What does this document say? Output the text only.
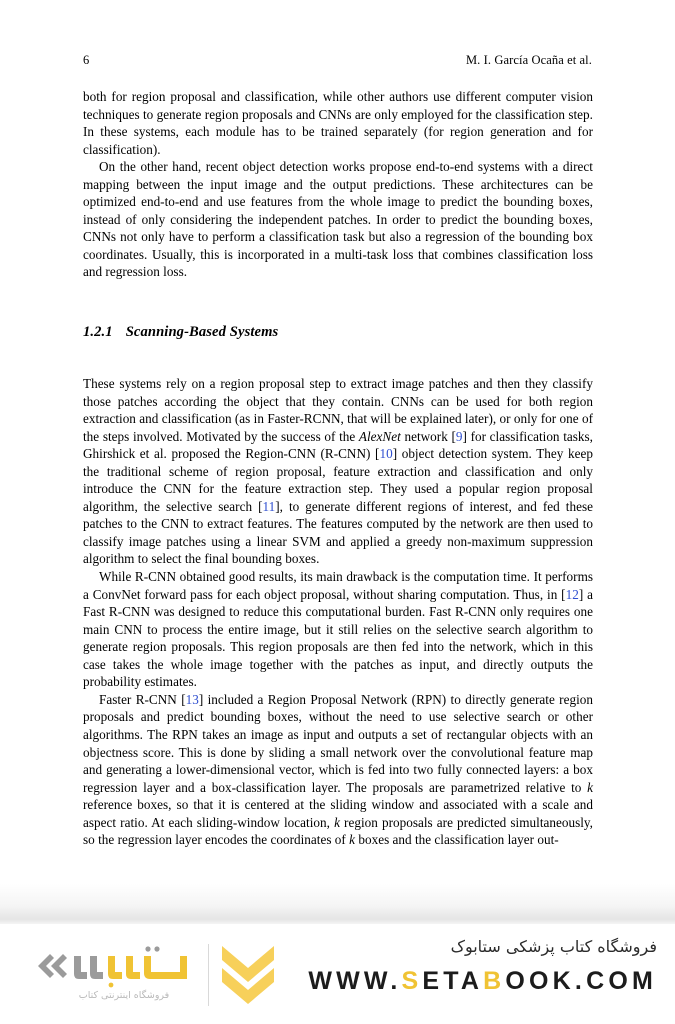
6	M. I. García Ocaña et al.

both for region proposal and classification, while other authors use different computer vision techniques to generate region proposals and CNNs are only employed for the classification step. In these systems, each module has to be trained separately (for region generation and for classification).

On the other hand, recent object detection works propose end-to-end systems with a direct mapping between the input image and the output predictions. These architectures can be optimized end-to-end and use features from the whole image to predict the bounding boxes, instead of only considering the independent patches. In order to predict the bounding boxes, CNNs not only have to perform a classification task but also a regression of the bounding box coordinates. Usually, this is incorporated in a multi-task loss that combines classification loss and regression loss.

1.2.1 Scanning-Based Systems

These systems rely on a region proposal step to extract image patches and then they classify those patches according the object that they contain. CNNs can be used for both region extraction and classification (as in Faster-RCNN, that will be explained later), or only for one of the steps involved. Motivated by the success of the AlexNet network [9] for classification tasks, Ghirshick et al. proposed the Region-CNN (R-CNN) [10] object detection system. They keep the traditional scheme of region proposal, feature extraction and classification and only introduce the CNN for the feature extraction step. They used a popular region proposal algorithm, the selective search [11], to generate different regions of interest, and fed these patches to the CNN to extract features. The features computed by the network are then used to classify image patches using a linear SVM and applied a greedy non-maximum suppression algorithm to select the final bounding boxes.

While R-CNN obtained good results, its main drawback is the computation time. It performs a ConvNet forward pass for each object proposal, without sharing computation. Thus, in [12] a Fast R-CNN was designed to reduce this computational burden. Fast R-CNN only requires one main CNN to process the entire image, but it still relies on the selective search algorithm to generate region proposals. This region proposals are then fed into the network, which in this case takes the whole image together with the patches as input, and directly outputs the probability estimates.

Faster R-CNN [13] included a Region Proposal Network (RPN) to directly generate region proposals and predict bounding boxes, without the need to use selective search or other algorithms. The RPN takes an image as input and outputs a set of rectangular objects with an objectness score. This is done by sliding a small network over the convolutional feature map and generating a lower-dimensional vector, which is fed into two fully connected layers: a box regression layer and a box-classification layer. The proposals are parametrized relative to k reference boxes, so that it is centered at the sliding window and associated with a scale and aspect ratio. At each sliding-window location, k region proposals are predicted simultaneously, so the regression layer encodes the coordinates of k boxes and the classification layer out-

فروشگاه اینترنتی کتاب
فروشگاه کتاب پزشکی ستابوک
WWW.SETABOOK.COM
